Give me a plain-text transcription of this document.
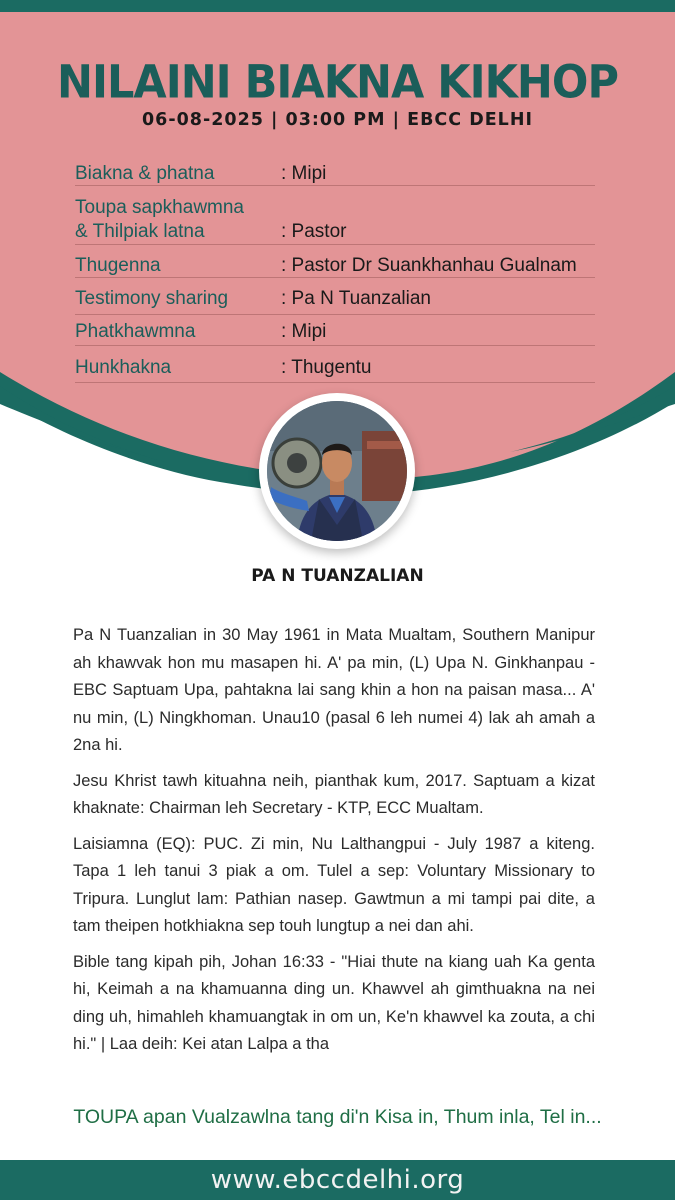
NILAINI BIAKNA KIKHOP
06-08-2025 | 03:00 PM | EBCC DELHI
Biakna & phatna	: Mipi
Toupa sapkhawmna
& Thilpiak latna	: Pastor
Thugenna	: Pastor Dr Suankhanhau Gualnam
Testimony sharing	: Pa N Tuanzalian
Phatkhawmna	: Mipi
Hunkhakna	: Thugentu
PA N TUANZALIAN

Pa N Tuanzalian in 30 May 1961 in Mata Mualtam, Southern Manipur ah khawvak hon mu masapen hi. A' pa min, (L) Upa N. Ginkhanpau - EBC Saptuam Upa, pahtakna lai sang khin a hon na paisan masa... A' nu min, (L) Ningkhoman. Unau10 (pasal 6 leh numei 4) lak ah amah a 2na hi.

Jesu Khrist tawh kituahna neih, pianthak kum, 2017. Saptuam a kizat khaknate: Chairman leh Secretary - KTP, ECC Mualtam.

Laisiamna (EQ): PUC. Zi min, Nu Lalthangpui - July 1987 a kiteng. Tapa 1 leh tanui 3 piak a om. Tulel a sep: Voluntary Missionary to Tripura. Lunglut lam: Pathian nasep. Gawtmun a mi tampi pai dite, a tam theipen hotkhiakna sep touh lungtup a nei dan ahi.

Bible tang kipah pih, Johan 16:33 - "Hiai thute na kiang uah Ka genta hi, Keimah a na khamuanna ding un. Khawvel ah gimthuakna na nei ding uh, himahleh khamuangtak in om un, Ke'n khawvel ka zouta, a chi hi." | Laa deih: Kei atan Lalpa a tha

TOUPA apan Vualzawlna tang di'n Kisa in, Thum inla, Tel in...
www.ebccdelhi.org
